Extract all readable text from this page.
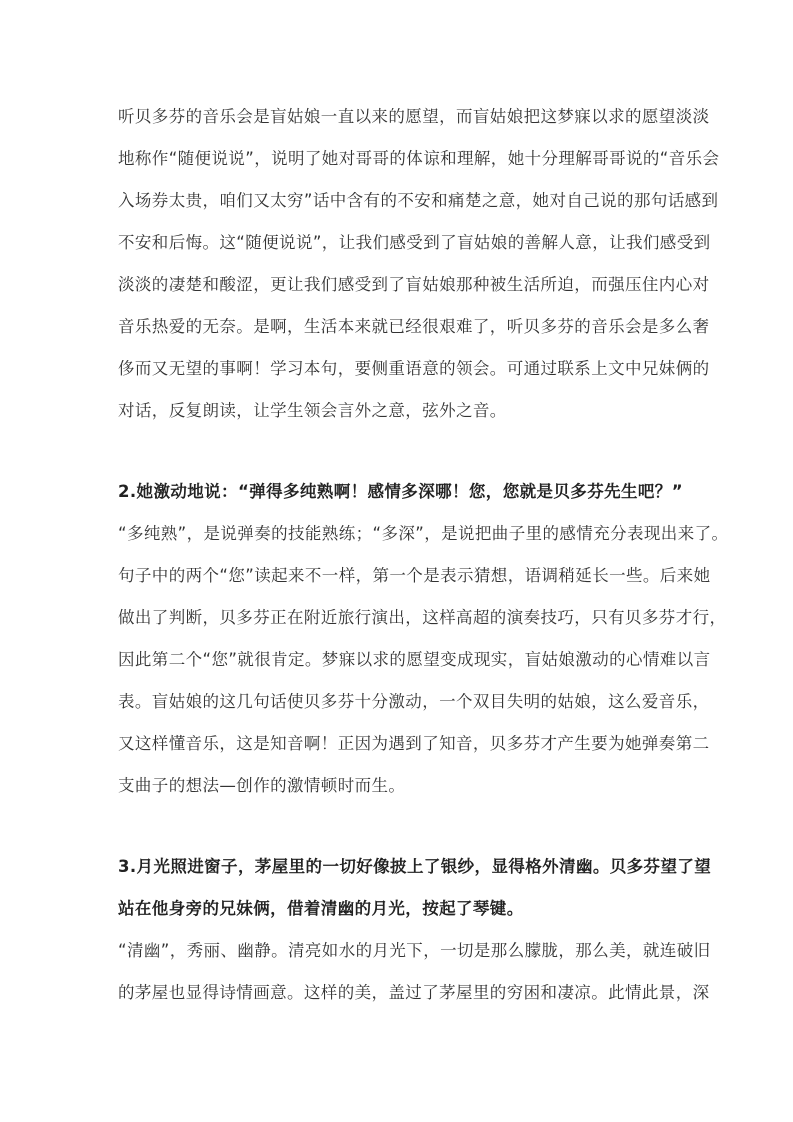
听贝多芬的音乐会是盲姑娘一直以来的愿望，而盲姑娘把这梦寐以求的愿望淡淡
地称作“随便说说”，说明了她对哥哥的体谅和理解，她十分理解哥哥说的“音乐会
入场券太贵，咱们又太穷”话中含有的不安和痛楚之意，她对自己说的那句话感到
不安和后悔。这“随便说说”，让我们感受到了盲姑娘的善解人意，让我们感受到
淡淡的凄楚和酸涩，更让我们感受到了盲姑娘那种被生活所迫，而强压住内心对
音乐热爱的无奈。是啊，生活本来就已经很艰难了，听贝多芬的音乐会是多么奢
侈而又无望的事啊！学习本句，要侧重语意的领会。可通过联系上文中兄妹俩的
对话，反复朗读，让学生领会言外之意，弦外之音。
2.她激动地说：“弹得多纯熟啊！感情多深哪！您，您就是贝多芬先生吧？”
“多纯熟”，是说弹奏的技能熟练；“多深”，是说把曲子里的感情充分表现出来了。
句子中的两个“您”读起来不一样，第一个是表示猜想，语调稍延长一些。后来她
做出了判断，贝多芬正在附近旅行演出，这样高超的演奏技巧，只有贝多芬才行，
因此第二个“您”就很肯定。梦寐以求的愿望变成现实，盲姑娘激动的心情难以言
表。盲姑娘的这几句话使贝多芬十分激动，一个双目失明的姑娘，这么爱音乐，
又这样懂音乐，这是知音啊！正因为遇到了知音，贝多芬才产生要为她弹奏第二
支曲子的想法—创作的激情顿时而生。
3.月光照进窗子，茅屋里的一切好像披上了银纱，显得格外清幽。贝多芬望了望
站在他身旁的兄妹俩，借着清幽的月光，按起了琴键。
“清幽”，秀丽、幽静。清亮如水的月光下，一切是那么朦胧，那么美，就连破旧
的茅屋也显得诗情画意。这样的美，盖过了茅屋里的穷困和凄凉。此情此景，深
